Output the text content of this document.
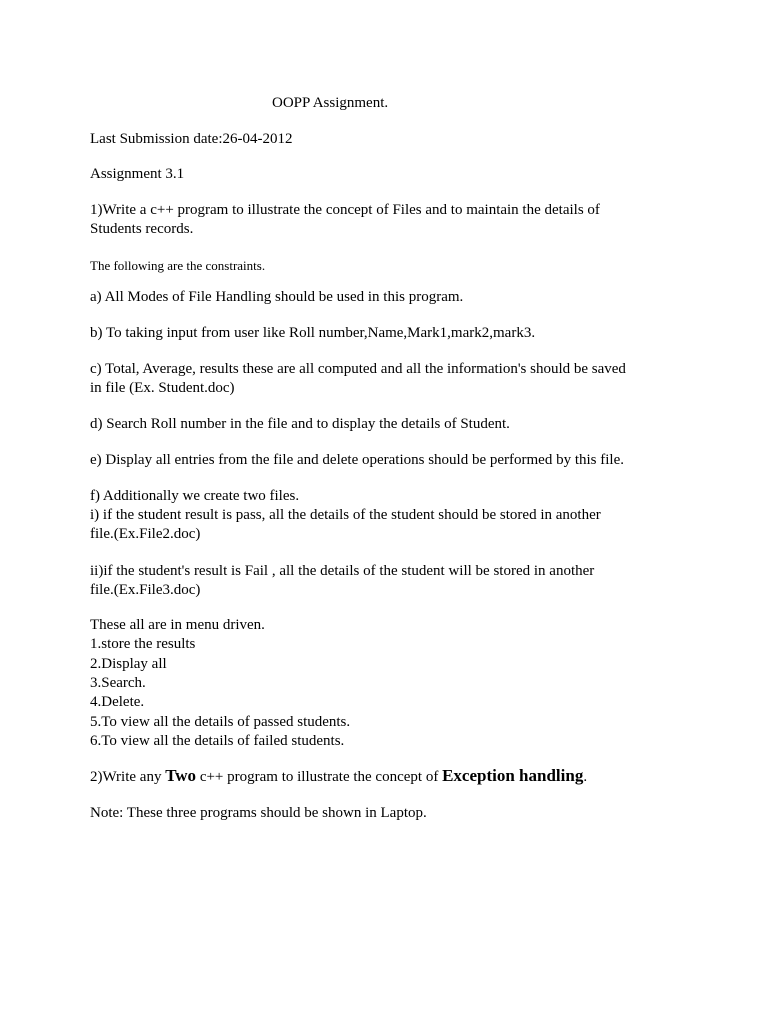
OOPP Assignment.
Last Submission date:26-04-2012
Assignment 3.1
1)Write a c++ program to illustrate the concept of Files and to maintain the details of
Students records.
The following are the constraints.
a) All Modes of File Handling should be used in this program.
b) To taking input from user like Roll number,Name,Mark1,mark2,mark3.
c) Total, Average, results these are all computed and all the information's should be saved
in file (Ex. Student.doc)
d) Search Roll number in the file and to display the details of Student.
e) Display all entries from the file and delete operations should be performed by this file.
f) Additionally we create two files.
i) if the student result is pass, all the details of the student should be stored in another
file.(Ex.File2.doc)
ii)if the student's result is Fail , all the details of the student will be stored in another
file.(Ex.File3.doc)
These all are in menu driven.
1.store the results
2.Display all
3.Search.
4.Delete.
5.To view all the details of passed students.
6.To view all the details of failed students.
2)Write any Two c++ program to illustrate the concept of Exception handling.
Note: These three programs should be shown in Laptop.
